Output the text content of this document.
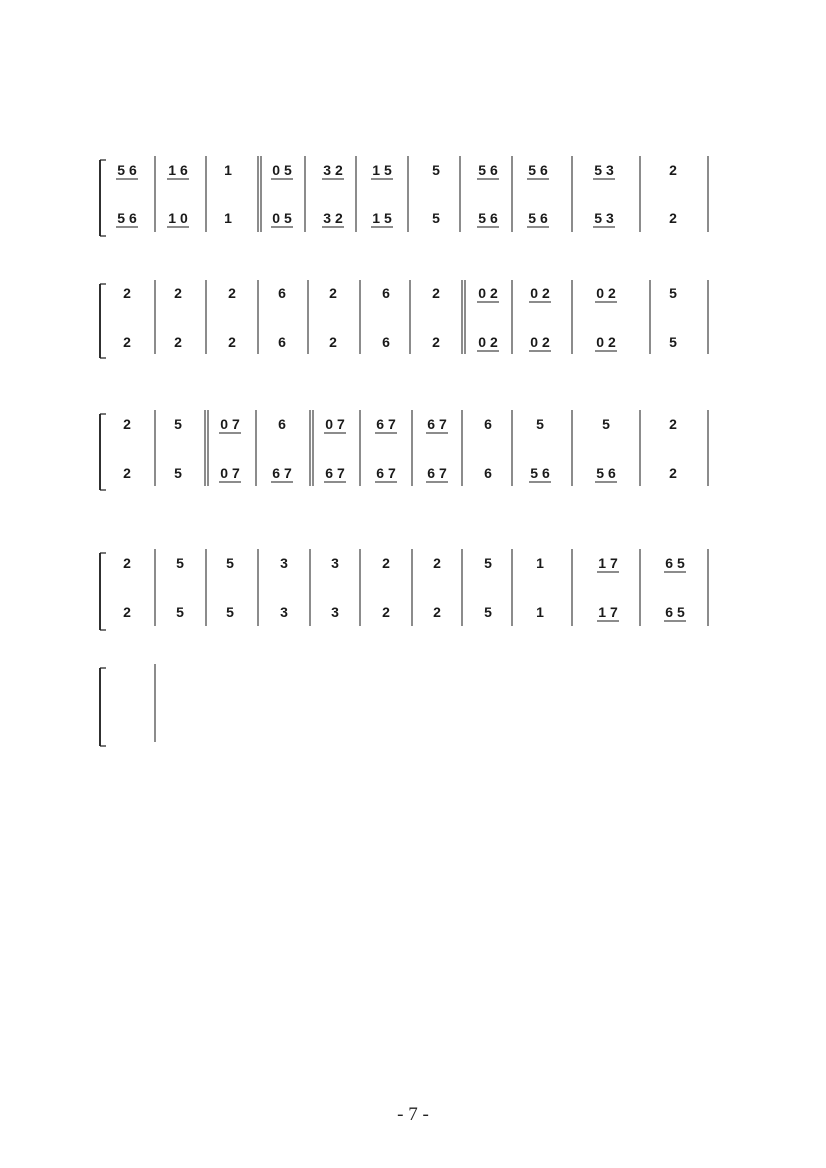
5 6
5 6
1 6
1 0
1
1
0 5
0 5
3 2
3 2
1 5
1 5
5
5
5 6
5 6
5 6
5 6
5 3
5 3
2
2
2
2
2
2
2
2
6
6
2
2
6
6
2
2
0 2
0 2
0 2
0 2
0 2
0 2
5
5
2
2
5
5
0 7
0 7
6
6 7
0 7
6 7
6 7
6 7
6 7
6 7
6
6
5
5 6
5
5 6
2
2
2
2
5
5
5
5
3
3
3
3
2
2
2
2
5
5
1
1
1 7
1 7
6 5
6 5
- 7 -
